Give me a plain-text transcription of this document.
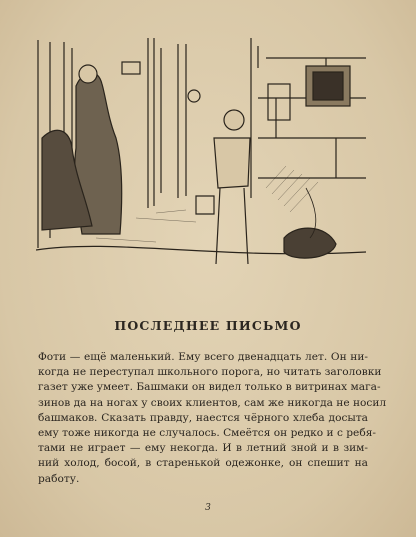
ПОСЛЕДНЕЕ ПИСЬМО
Фоти — ещё маленький. Ему всего двенадцать лет. Он ни-
когда не переступал школьного порога, но читать заголовки
газет уже умеет. Башмаки он видел только в витринах мага-
зинов да на ногах у своих клиентов, сам же никогда не носил
башмаков. Сказать правду, наестся чёрного хлеба досыта
ему тоже никогда не случалось. Смеётся он редко и с ребя-
тами не играет — ему некогда. И в летний зной и в зим-
ний холод, босой, в старенькой одежонке, он спешит на
работу.
3
